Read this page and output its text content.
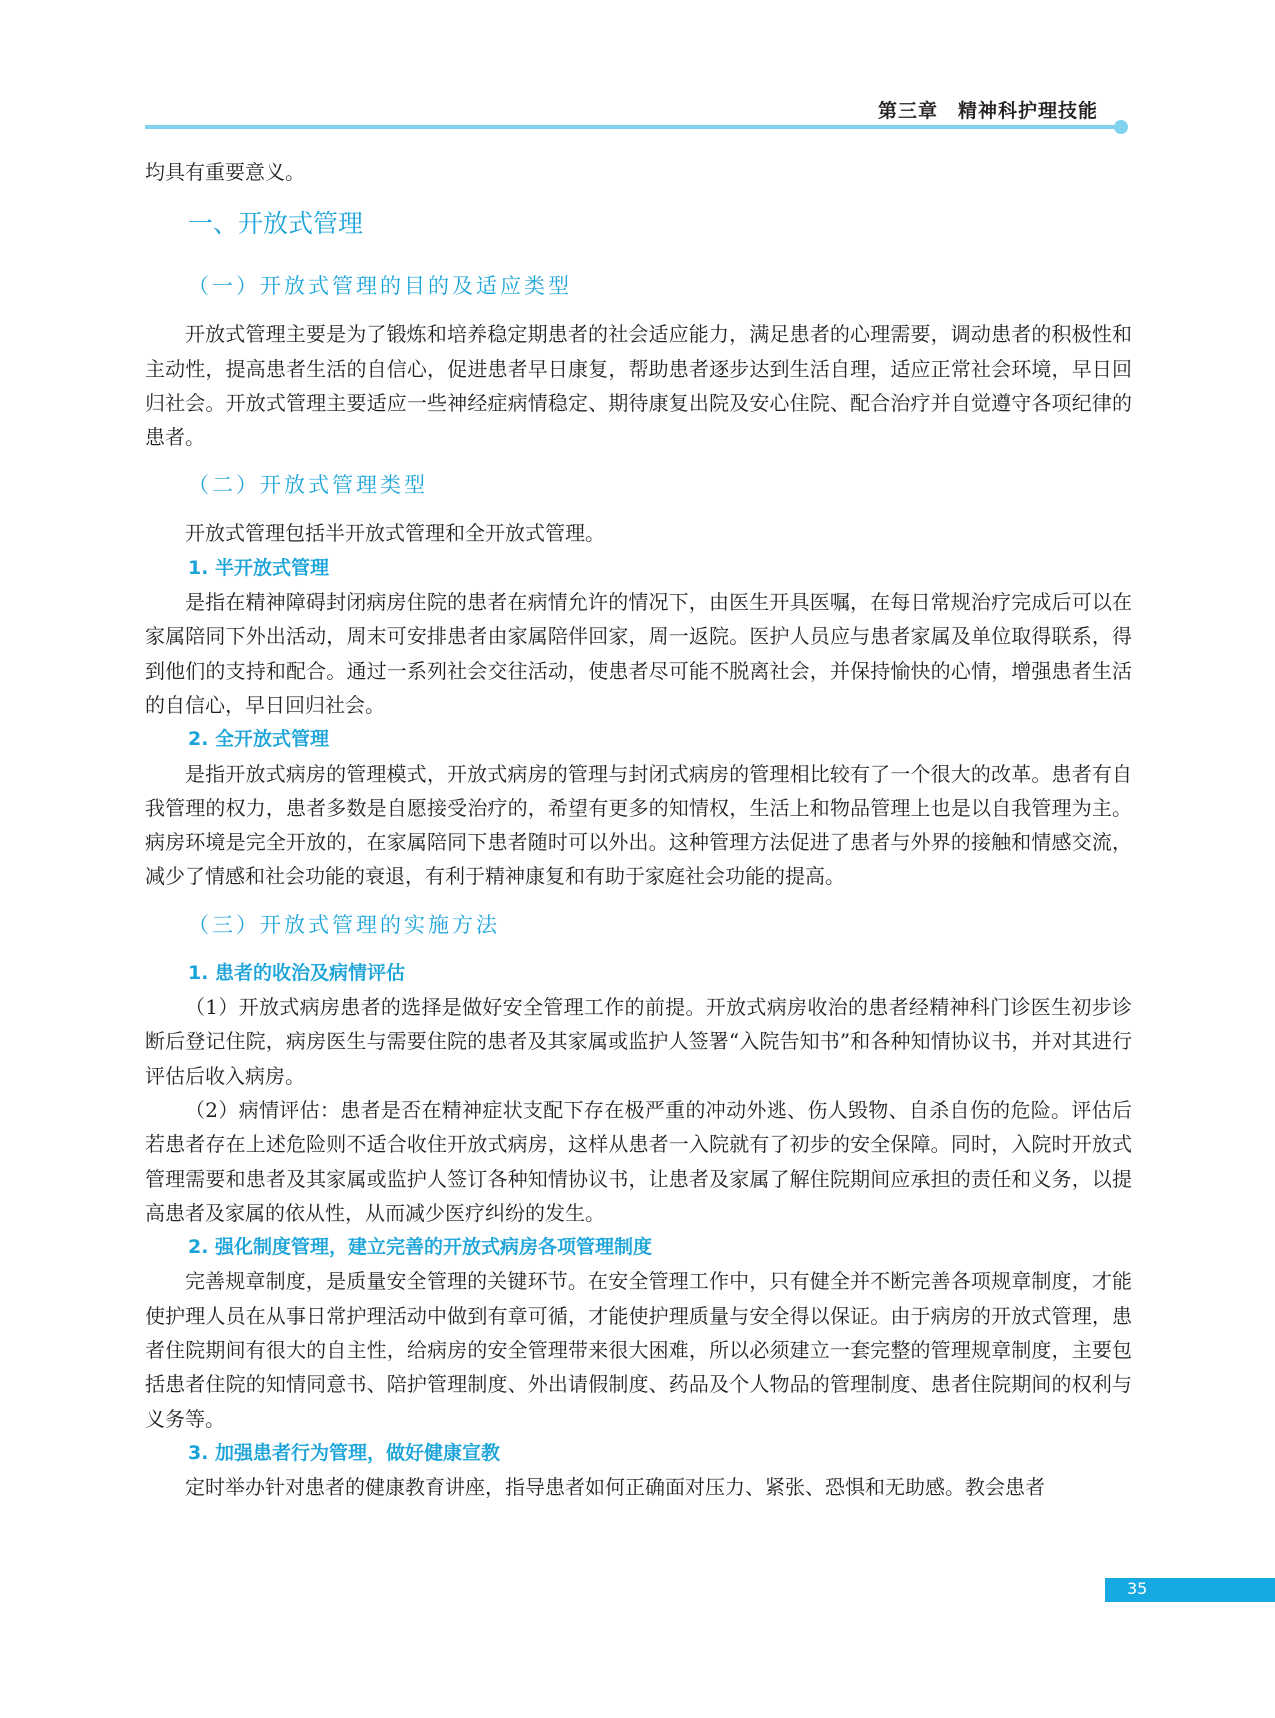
第三章　精神科护理技能

均具有重要意义。

一、开放式管理
（一）开放式管理的目的及适应类型

开放式管理主要是为了锻炼和培养稳定期患者的社会适应能力，满足患者的心理需要，调动患者的积极性和主动性，提高患者生活的自信心，促进患者早日康复，帮助患者逐步达到生活自理，适应正常社会环境，早日回归社会。开放式管理主要适应一些神经症病情稳定、期待康复出院及安心住院、配合治疗并自觉遵守各项纪律的患者。

（二）开放式管理类型

开放式管理包括半开放式管理和全开放式管理。

1. 半开放式管理

是指在精神障碍封闭病房住院的患者在病情允许的情况下，由医生开具医嘱，在每日常规治疗完成后可以在家属陪同下外出活动，周末可安排患者由家属陪伴回家，周一返院。医护人员应与患者家属及单位取得联系，得到他们的支持和配合。通过一系列社会交往活动，使患者尽可能不脱离社会，并保持愉快的心情，增强患者生活的自信心，早日回归社会。

2. 全开放式管理

是指开放式病房的管理模式，开放式病房的管理与封闭式病房的管理相比较有了一个很大的改革。患者有自我管理的权力，患者多数是自愿接受治疗的，希望有更多的知情权，生活上和物品管理上也是以自我管理为主。病房环境是完全开放的，在家属陪同下患者随时可以外出。这种管理方法促进了患者与外界的接触和情感交流，减少了情感和社会功能的衰退，有利于精神康复和有助于家庭社会功能的提高。

（三）开放式管理的实施方法
1. 患者的收治及病情评估

（1）开放式病房患者的选择是做好安全管理工作的前提。开放式病房收治的患者经精神科门诊医生初步诊断后登记住院，病房医生与需要住院的患者及其家属或监护人签署“入院告知书”和各种知情协议书，并对其进行评估后收入病房。

（2）病情评估：患者是否在精神症状支配下存在极严重的冲动外逃、伤人毁物、自杀自伤的危险。评估后若患者存在上述危险则不适合收住开放式病房，这样从患者一入院就有了初步的安全保障。同时，入院时开放式管理需要和患者及其家属或监护人签订各种知情协议书，让患者及家属了解住院期间应承担的责任和义务，以提高患者及家属的依从性，从而减少医疗纠纷的发生。

2. 强化制度管理，建立完善的开放式病房各项管理制度

完善规章制度，是质量安全管理的关键环节。在安全管理工作中，只有健全并不断完善各项规章制度，才能使护理人员在从事日常护理活动中做到有章可循，才能使护理质量与安全得以保证。由于病房的开放式管理，患者住院期间有很大的自主性，给病房的安全管理带来很大困难，所以必须建立一套完整的管理规章制度，主要包括患者住院的知情同意书、陪护管理制度、外出请假制度、药品及个人物品的管理制度、患者住院期间的权利与义务等。

3. 加强患者行为管理，做好健康宣教

定时举办针对患者的健康教育讲座，指导患者如何正确面对压力、紧张、恐惧和无助感。教会患者

35
